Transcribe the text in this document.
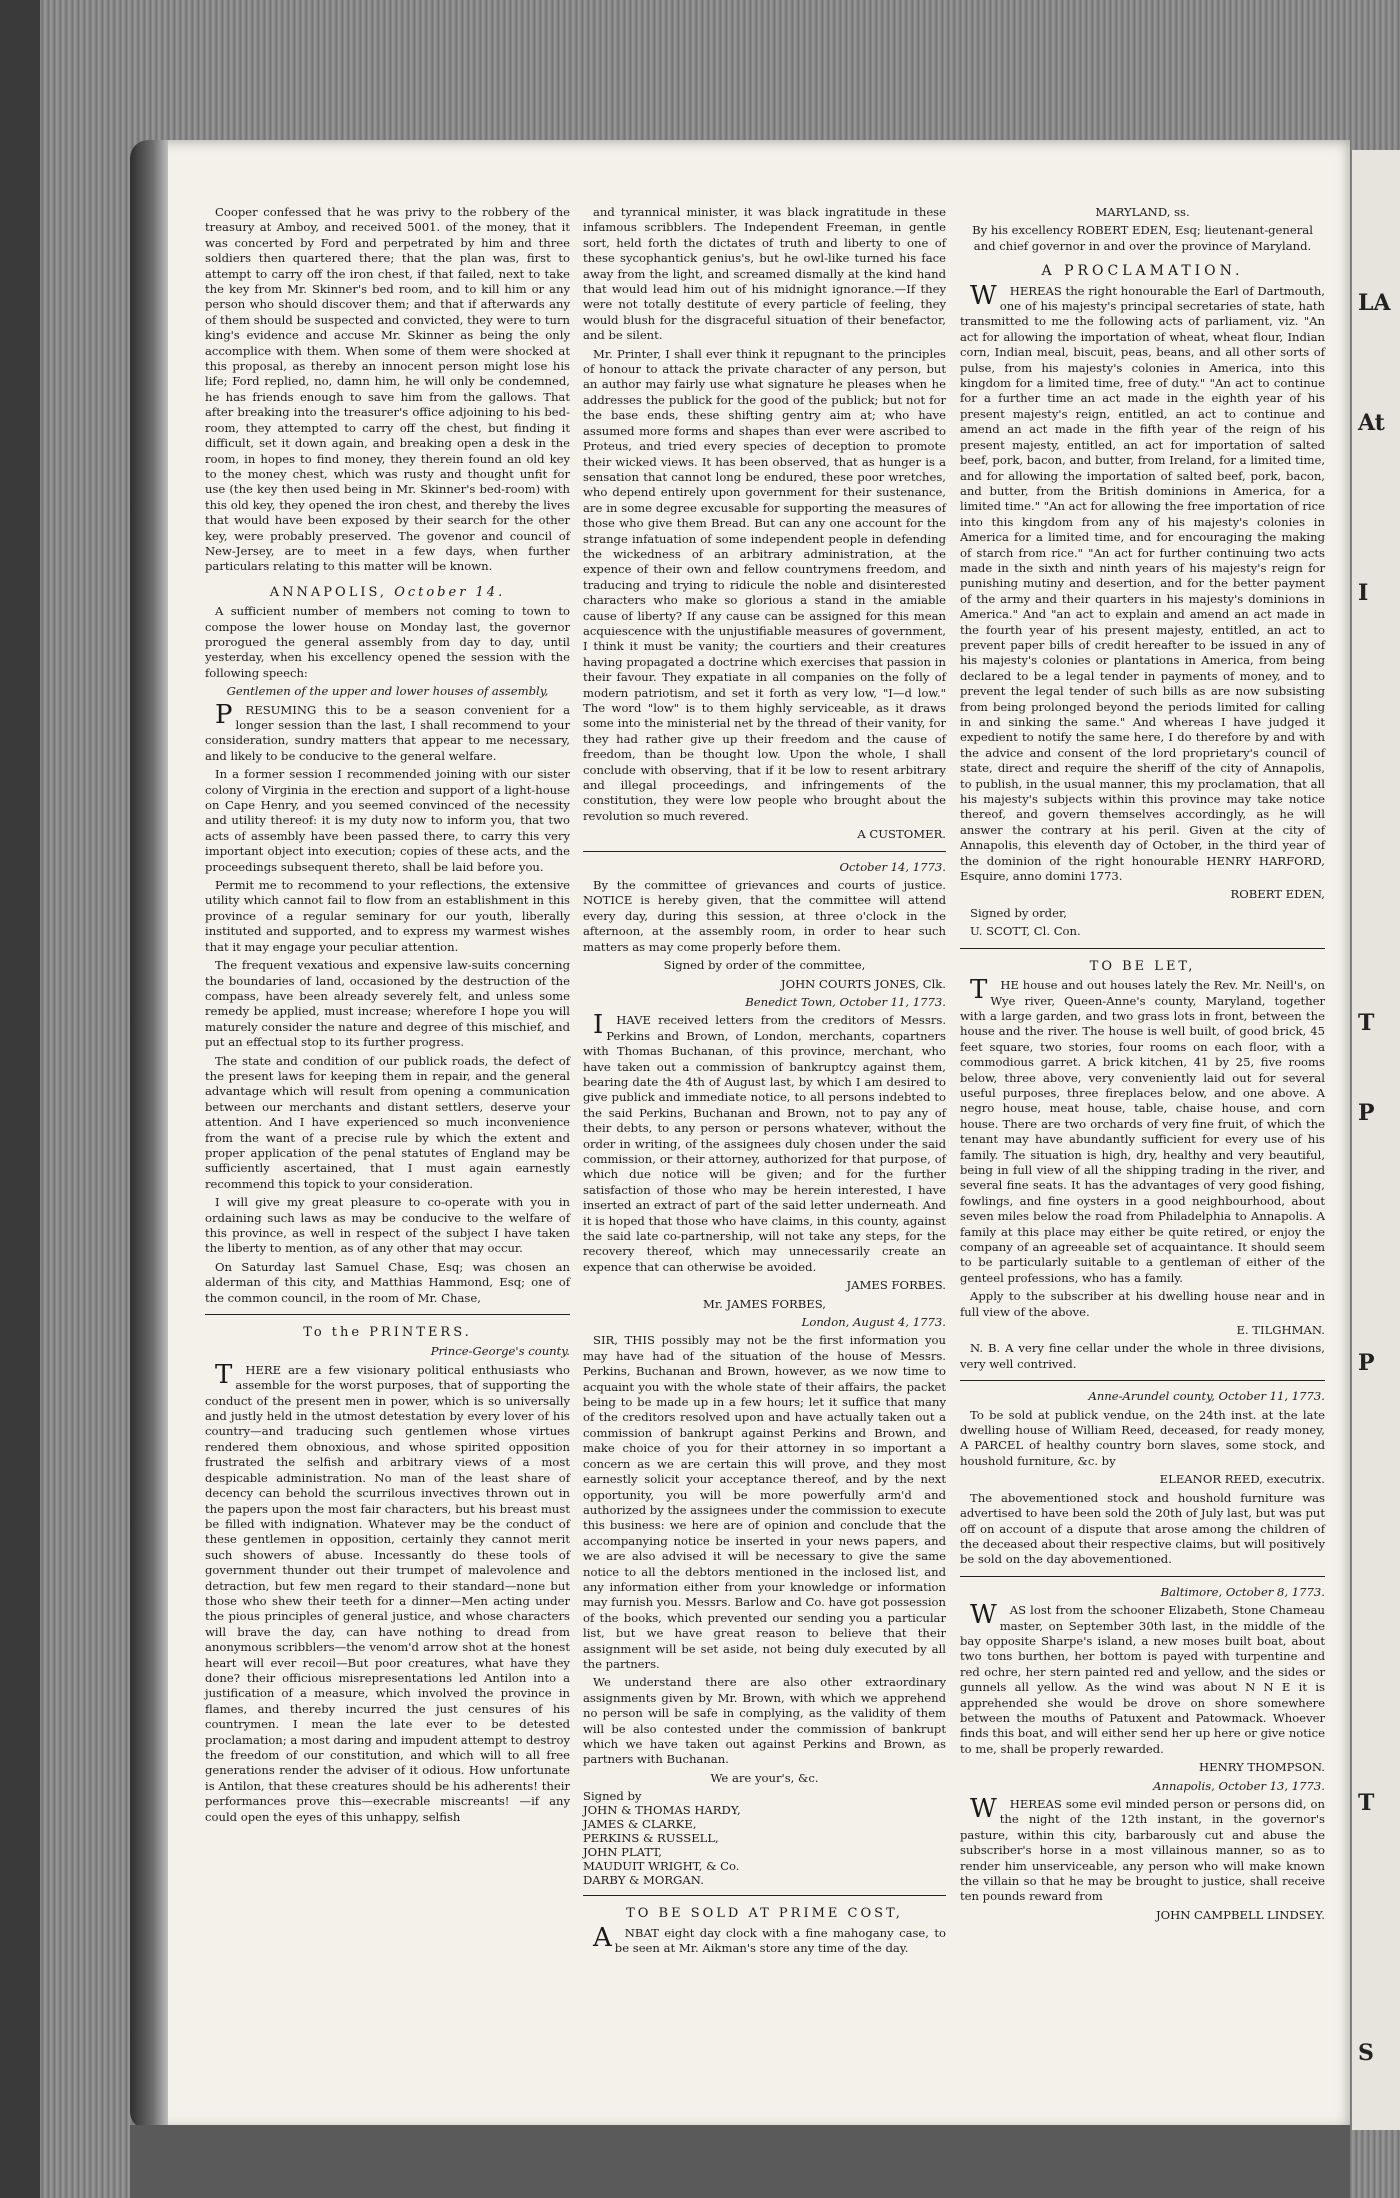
Cooper confessed that he was privy to the robbery of the treasury at Amboy, and received 5001. of the money, that it was concerted by Ford and perpetrated by him and three soldiers then quartered there; that the plan was, first to attempt to carry off the iron chest, if that failed, next to take the key from Mr. Skinner's bed room, and to kill him or any person who should discover them; and that if afterwards any of them should be suspected and convicted, they were to turn king's evidence and accuse Mr. Skinner as being the only accomplice with them. When some of them were shocked at this proposal, as thereby an innocent person might lose his life; Ford replied, no, damn him, he will only be condemned, he has friends enough to save him from the gallows. That after breaking into the treasurer's office adjoining to his bed-room, they attempted to carry off the chest, but finding it difficult, set it down again, and breaking open a desk in the room, in hopes to find money, they therein found an old key to the money chest, which was rusty and thought unfit for use (the key then used being in Mr. Skinner's bed-room) with this old key, they opened the iron chest, and thereby the lives that would have been exposed by their search for the other key, were probably preserved. The govenor and council of New-Jersey, are to meet in a few days, when further particulars relating to this matter will be known.

ANNAPOLIS, October 14.

A sufficient number of members not coming to town to compose the lower house on Monday last, the governor prorogued the general assembly from day to day, until yesterday, when his excellency opened the session with the following speech:

Gentlemen of the upper and lower houses of assembly,

PRESUMING this to be a season convenient for a longer session than the last, I shall recommend to your consideration, sundry matters that appear to me necessary, and likely to be conducive to the general welfare.

In a former session I recommended joining with our sister colony of Virginia in the erection and support of a light-house on Cape Henry, and you seemed convinced of the necessity and utility thereof: it is my duty now to inform you, that two acts of assembly have been passed there, to carry this very important object into execution; copies of these acts, and the proceedings subsequent thereto, shall be laid before you.

Permit me to recommend to your reflections, the extensive utility which cannot fail to flow from an establishment in this province of a regular seminary for our youth, liberally instituted and supported, and to express my warmest wishes that it may engage your peculiar attention.

The frequent vexatious and expensive law-suits concerning the boundaries of land, occasioned by the destruction of the compass, have been already severely felt, and unless some remedy be applied, must increase; wherefore I hope you will maturely consider the nature and degree of this mischief, and put an effectual stop to its further progress.

The state and condition of our publick roads, the defect of the present laws for keeping them in repair, and the general advantage which will result from opening a communication between our merchants and distant settlers, deserve your attention. And I have experienced so much inconvenience from the want of a precise rule by which the extent and proper application of the penal statutes of England may be sufficiently ascertained, that I must again earnestly recommend this topick to your consideration.

I will give my great pleasure to co-operate with you in ordaining such laws as may be conducive to the welfare of this province, as well in respect of the subject I have taken the liberty to mention, as of any other that may occur.

On Saturday last Samuel Chase, Esq; was chosen an alderman of this city, and Matthias Hammond, Esq; one of the common council, in the room of Mr. Chase,

To the PRINTERS.

Prince-George's county.

THERE are a few visionary political enthusiasts who assemble for the worst purposes, that of supporting the conduct of the present men in power, which is so universally and justly held in the utmost detestation by every lover of his country—and traducing such gentlemen whose virtues rendered them obnoxious, and whose spirited opposition frustrated the selfish and arbitrary views of a most despicable administration. No man of the least share of decency can behold the scurrilous invectives thrown out in the papers upon the most fair characters, but his breast must be filled with indignation. Whatever may be the conduct of these gentlemen in opposition, certainly they cannot merit such showers of abuse. Incessantly do these tools of government thunder out their trumpet of malevolence and detraction, but few men regard to their standard—none but those who shew their teeth for a dinner—Men acting under the pious principles of general justice, and whose characters will brave the day, can have nothing to dread from anonymous scribblers—the venom'd arrow shot at the honest heart will ever recoil—But poor creatures, what have they done? their officious misrepresentations led Antilon into a justification of a measure, which involved the province in flames, and thereby incurred the just censures of his countrymen. I mean the late ever to be detested proclamation; a most daring and impudent attempt to destroy the freedom of our constitution, and which will to all free generations render the adviser of it odious. How unfortunate is Antilon, that these creatures should be his adherents! their performances prove this—execrable miscreants! —if any could open the eyes of this unhappy, selfish

and tyrannical minister, it was black ingratitude in these infamous scribblers. The Independent Freeman, in gentle sort, held forth the dictates of truth and liberty to one of these sycophantick genius's, but he owl-like turned his face away from the light, and screamed dismally at the kind hand that would lead him out of his midnight ignorance.—If they were not totally destitute of every particle of feeling, they would blush for the disgraceful situation of their benefactor, and be silent.

Mr. Printer, I shall ever think it repugnant to the principles of honour to attack the private character of any person, but an author may fairly use what signature he pleases when he addresses the publick for the good of the publick; but not for the base ends, these shifting gentry aim at; who have assumed more forms and shapes than ever were ascribed to Proteus, and tried every species of deception to promote their wicked views. It has been observed, that as hunger is a sensation that cannot long be endured, these poor wretches, who depend entirely upon government for their sustenance, are in some degree excusable for supporting the measures of those who give them Bread. But can any one account for the strange infatuation of some independent people in defending the wickedness of an arbitrary administration, at the expence of their own and fellow countrymens freedom, and traducing and trying to ridicule the noble and disinterested characters who make so glorious a stand in the amiable cause of liberty? If any cause can be assigned for this mean acquiescence with the unjustifiable measures of government, I think it must be vanity; the courtiers and their creatures having propagated a doctrine which exercises that passion in their favour. They expatiate in all companies on the folly of modern patriotism, and set it forth as very low, "I—d low." The word "low" is to them highly serviceable, as it draws some into the ministerial net by the thread of their vanity, for they had rather give up their freedom and the cause of freedom, than be thought low. Upon the whole, I shall conclude with observing, that if it be low to resent arbitrary and illegal proceedings, and infringements of the constitution, they were low people who brought about the revolution so much revered.

A CUSTOMER.

October 14, 1773.

By the committee of grievances and courts of justice. NOTICE is hereby given, that the committee will attend every day, during this session, at three o'clock in the afternoon, at the assembly room, in order to hear such matters as may come properly before them.

Signed by order of the committee,

JOHN COURTS JONES, Clk.

Benedict Town, October 11, 1773.

IHAVE received letters from the creditors of Messrs. Perkins and Brown, of London, merchants, copartners with Thomas Buchanan, of this province, merchant, who have taken out a commission of bankruptcy against them, bearing date the 4th of August last, by which I am desired to give publick and immediate notice, to all persons indebted to the said Perkins, Buchanan and Brown, not to pay any of their debts, to any person or persons whatever, without the order in writing, of the assignees duly chosen under the said commission, or their attorney, authorized for that purpose, of which due notice will be given; and for the further satisfaction of those who may be herein interested, I have inserted an extract of part of the said letter underneath. And it is hoped that those who have claims, in this county, against the said late co-partnership, will not take any steps, for the recovery thereof, which may unnecessarily create an expence that can otherwise be avoided.

JAMES FORBES.

Mr. JAMES FORBES,

London, August 4, 1773.

SIR, THIS possibly may not be the first information you may have had of the situation of the house of Messrs. Perkins, Buchanan and Brown, however, as we now time to acquaint you with the whole state of their affairs, the packet being to be made up in a few hours; let it suffice that many of the creditors resolved upon and have actually taken out a commission of bankrupt against Perkins and Brown, and make choice of you for their attorney in so important a concern as we are certain this will prove, and they most earnestly solicit your acceptance thereof, and by the next opportunity, you will be more powerfully arm'd and authorized by the assignees under the commission to execute this business: we here are of opinion and conclude that the accompanying notice be inserted in your news papers, and we are also advised it will be necessary to give the same notice to all the debtors mentioned in the inclosed list, and any information either from your knowledge or information may furnish you. Messrs. Barlow and Co. have got possession of the books, which prevented our sending you a particular list, but we have great reason to believe that their assignment will be set aside, not being duly executed by all the partners.

We understand there are also other extraordinary assignments given by Mr. Brown, with which we apprehend no person will be safe in complying, as the validity of them will be also contested under the commission of bankrupt which we have taken out against Perkins and Brown, as partners with Buchanan.

We are your's, &c.

Signed by
JOHN & THOMAS HARDY,
JAMES & CLARKE,
PERKINS & RUSSELL,
JOHN PLATT,
MAUDUIT WRIGHT, & Co.
DARBY & MORGAN.

TO BE SOLD AT PRIME COST,

ANBAT eight day clock with a fine mahogany case, to be seen at Mr. Aikman's store any time of the day.

MARYLAND, ss.

By his excellency ROBERT EDEN, Esq; lieutenant-general and chief governor in and over the province of Maryland.

A PROCLAMATION.

WHEREAS the right honourable the Earl of Dartmouth, one of his majesty's principal secretaries of state, hath transmitted to me the following acts of parliament, viz. "An act for allowing the importation of wheat, wheat flour, Indian corn, Indian meal, biscuit, peas, beans, and all other sorts of pulse, from his majesty's colonies in America, into this kingdom for a limited time, free of duty." "An act to continue for a further time an act made in the eighth year of his present majesty's reign, entitled, an act to continue and amend an act made in the fifth year of the reign of his present majesty, entitled, an act for importation of salted beef, pork, bacon, and butter, from Ireland, for a limited time, and for allowing the importation of salted beef, pork, bacon, and butter, from the British dominions in America, for a limited time." "An act for allowing the free importation of rice into this kingdom from any of his majesty's colonies in America for a limited time, and for encouraging the making of starch from rice." "An act for further continuing two acts made in the sixth and ninth years of his majesty's reign for punishing mutiny and desertion, and for the better payment of the army and their quarters in his majesty's dominions in America." And "an act to explain and amend an act made in the fourth year of his present majesty, entitled, an act to prevent paper bills of credit hereafter to be issued in any of his majesty's colonies or plantations in America, from being declared to be a legal tender in payments of money, and to prevent the legal tender of such bills as are now subsisting from being prolonged beyond the periods limited for calling in and sinking the same." And whereas I have judged it expedient to notify the same here, I do therefore by and with the advice and consent of the lord proprietary's council of state, direct and require the sheriff of the city of Annapolis, to publish, in the usual manner, this my proclamation, that all his majesty's subjects within this province may take notice thereof, and govern themselves accordingly, as he will answer the contrary at his peril. Given at the city of Annapolis, this eleventh day of October, in the third year of the dominion of the right honourable HENRY HARFORD, Esquire, anno domini 1773.

ROBERT EDEN,

Signed by order,

U. SCOTT, Cl. Con.

TO BE LET,

THE house and out houses lately the Rev. Mr. Neill's, on Wye river, Queen-Anne's county, Maryland, together with a large garden, and two grass lots in front, between the house and the river. The house is well built, of good brick, 45 feet square, two stories, four rooms on each floor, with a commodious garret. A brick kitchen, 41 by 25, five rooms below, three above, very conveniently laid out for several useful purposes, three fireplaces below, and one above. A negro house, meat house, table, chaise house, and corn house. There are two orchards of very fine fruit, of which the tenant may have abundantly sufficient for every use of his family. The situation is high, dry, healthy and very beautiful, being in full view of all the shipping trading in the river, and several fine seats. It has the advantages of very good fishing, fowlings, and fine oysters in a good neighbourhood, about seven miles below the road from Philadelphia to Annapolis. A family at this place may either be quite retired, or enjoy the company of an agreeable set of acquaintance. It should seem to be particularly suitable to a gentleman of either of the genteel professions, who has a family.

Apply to the subscriber at his dwelling house near and in full view of the above.

E. TILGHMAN.

N. B. A very fine cellar under the whole in three divisions, very well contrived.

Anne-Arundel county, October 11, 1773.

To be sold at publick vendue, on the 24th inst. at the late dwelling house of William Reed, deceased, for ready money, A PARCEL of healthy country born slaves, some stock, and houshold furniture, &c. by

ELEANOR REED, executrix.

The abovementioned stock and houshold furniture was advertised to have been sold the 20th of July last, but was put off on account of a dispute that arose among the children of the deceased about their respective claims, but will positively be sold on the day abovementioned.

Baltimore, October 8, 1773.

WAS lost from the schooner Elizabeth, Stone Chameau master, on September 30th last, in the middle of the bay opposite Sharpe's island, a new moses built boat, about two tons burthen, her bottom is payed with turpentine and red ochre, her stern painted red and yellow, and the sides or gunnels all yellow. As the wind was about N N E it is apprehended she would be drove on shore somewhere between the mouths of Patuxent and Patowmack. Whoever finds this boat, and will either send her up here or give notice to me, shall be properly rewarded.

HENRY THOMPSON.

Annapolis, October 13, 1773.

WHEREAS some evil minded person or persons did, on the night of the 12th instant, in the governor's pasture, within this city, barbarously cut and abuse the subscriber's horse in a most villainous manner, so as to render him unserviceable, any person who will make known the villain so that he may be brought to justice, shall receive ten pounds reward from

JOHN CAMPBELL LINDSEY.

LA
At
I
T
P
P
T
S
